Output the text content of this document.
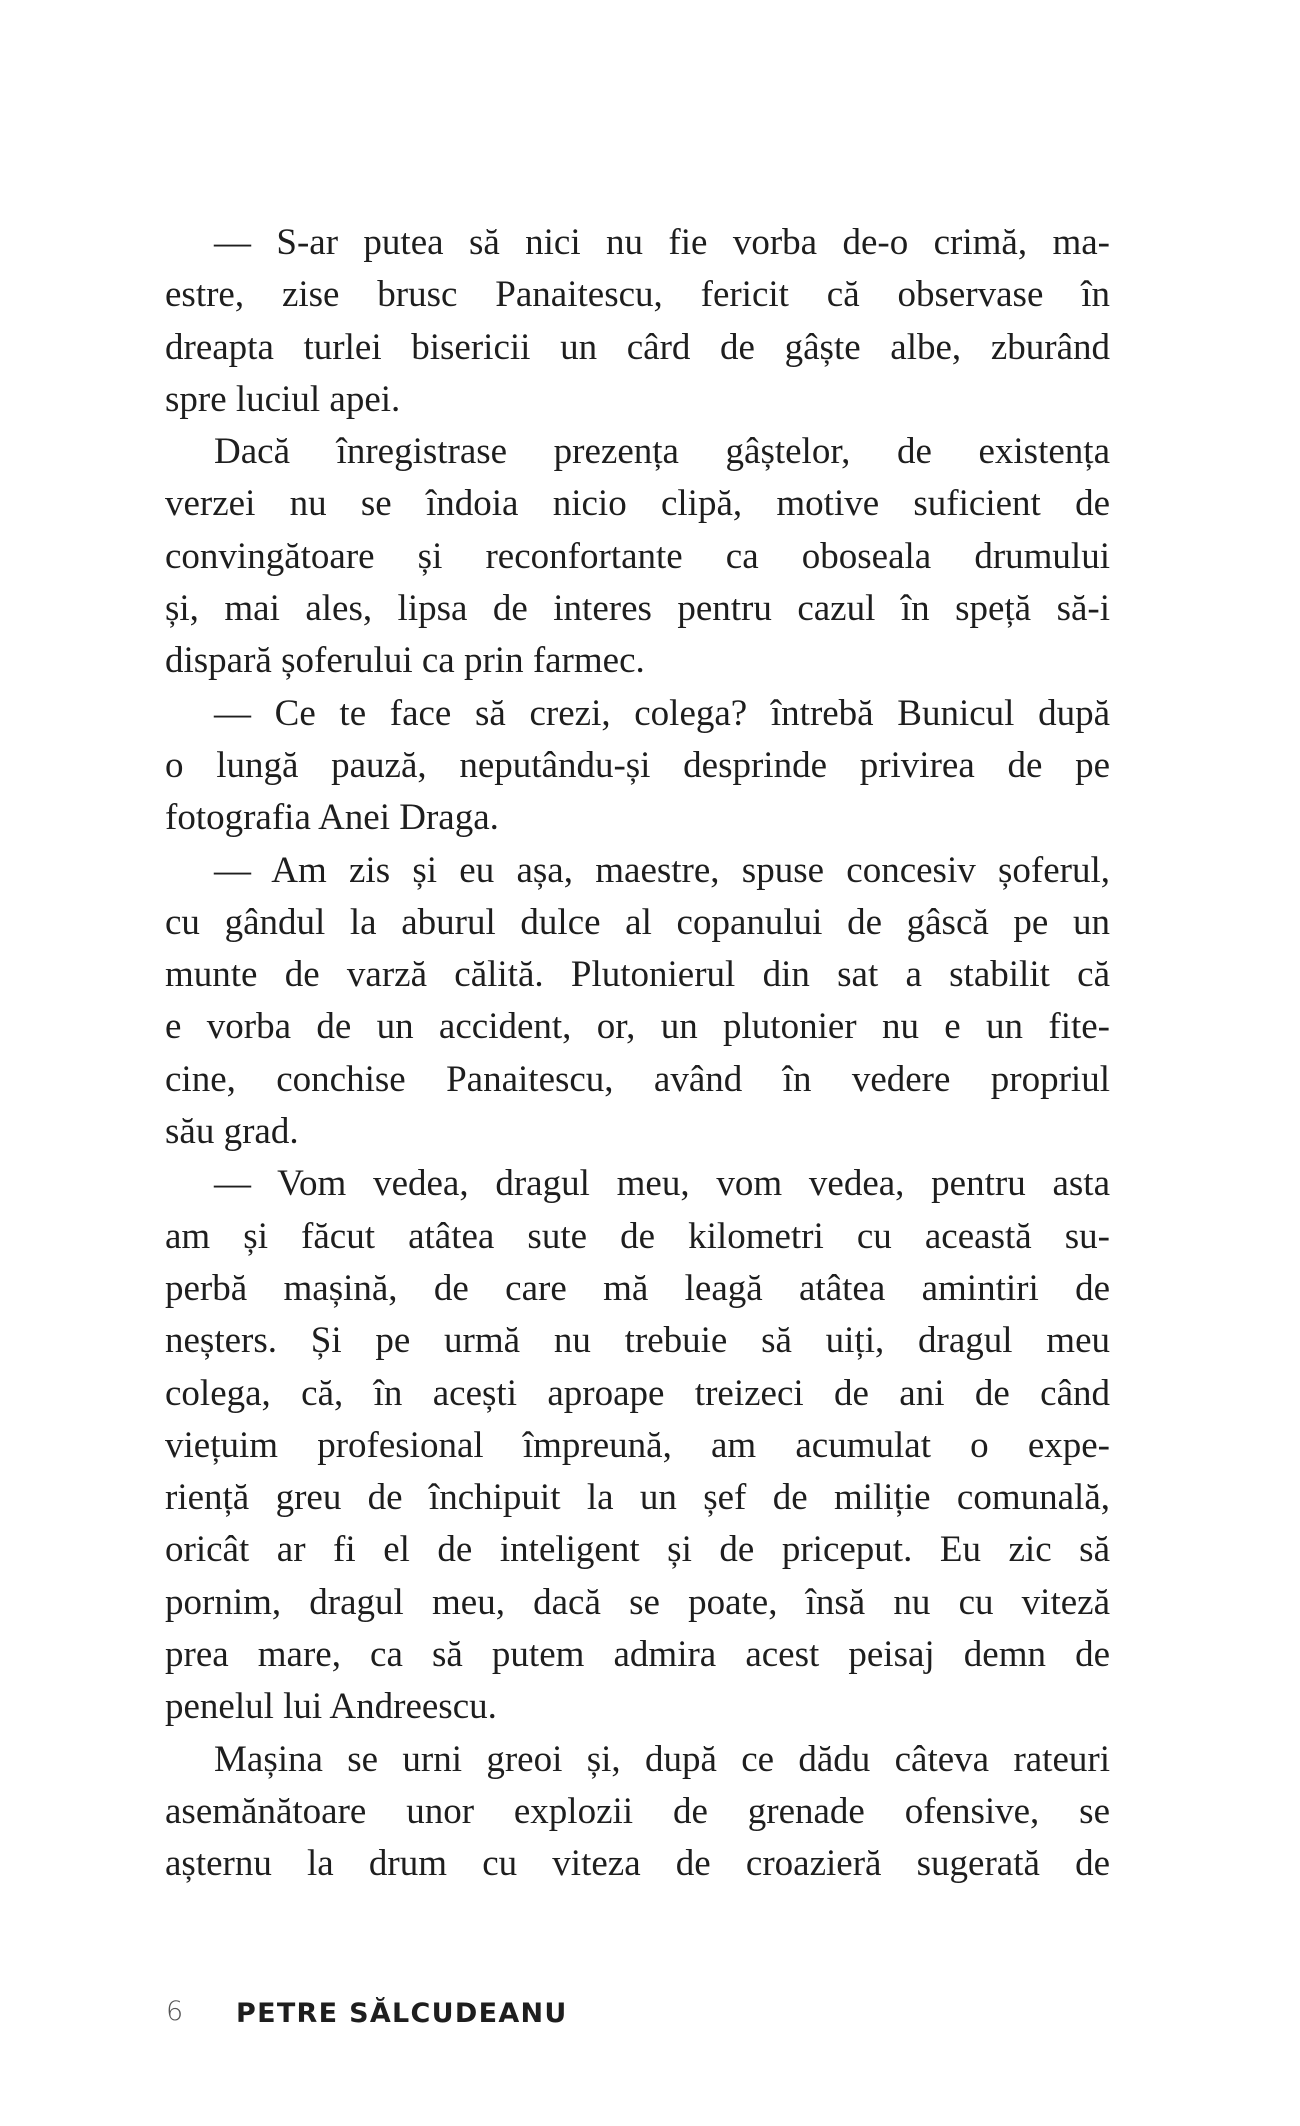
— S-ar putea să nici nu fie vorba de-o crimă, ma-
estre, zise brusc Panaitescu, fericit că observase în
dreapta turlei bisericii un cârd de gâște albe, zburând
spre luciul apei.
Dacă înregistrase prezența gâștelor, de existența
verzei nu se îndoia nicio clipă, motive suficient de
convingătoare și reconfortante ca oboseala drumului
și, mai ales, lipsa de interes pentru cazul în speță să-i
dispară șoferului ca prin farmec.
— Ce te face să crezi, colega? întrebă Bunicul după
o lungă pauză, neputându-și desprinde privirea de pe
fotografia Anei Draga.
— Am zis și eu așa, maestre, spuse concesiv șoferul,
cu gândul la aburul dulce al copanului de gâscă pe un
munte de varză călită. Plutonierul din sat a stabilit că
e vorba de un accident, or, un plutonier nu e un fite-
cine, conchise Panaitescu, având în vedere propriul
său grad.
— Vom vedea, dragul meu, vom vedea, pentru asta
am și făcut atâtea sute de kilometri cu această su-
perbă mașină, de care mă leagă atâtea amintiri de
neșters. Și pe urmă nu trebuie să uiți, dragul meu
colega, că, în acești aproape treizeci de ani de când
viețuim profesional împreună, am acumulat o expe-
riență greu de închipuit la un șef de miliție comunală,
oricât ar fi el de inteligent și de priceput. Eu zic să
pornim, dragul meu, dacă se poate, însă nu cu viteză
prea mare, ca să putem admira acest peisaj demn de
penelul lui Andreescu.
Mașina se urni greoi și, după ce dădu câteva rateuri
asemănătoare unor explozii de grenade ofensive, se
așternu la drum cu viteza de croazieră sugerată de
6 PETRE SĂLCUDEANU
